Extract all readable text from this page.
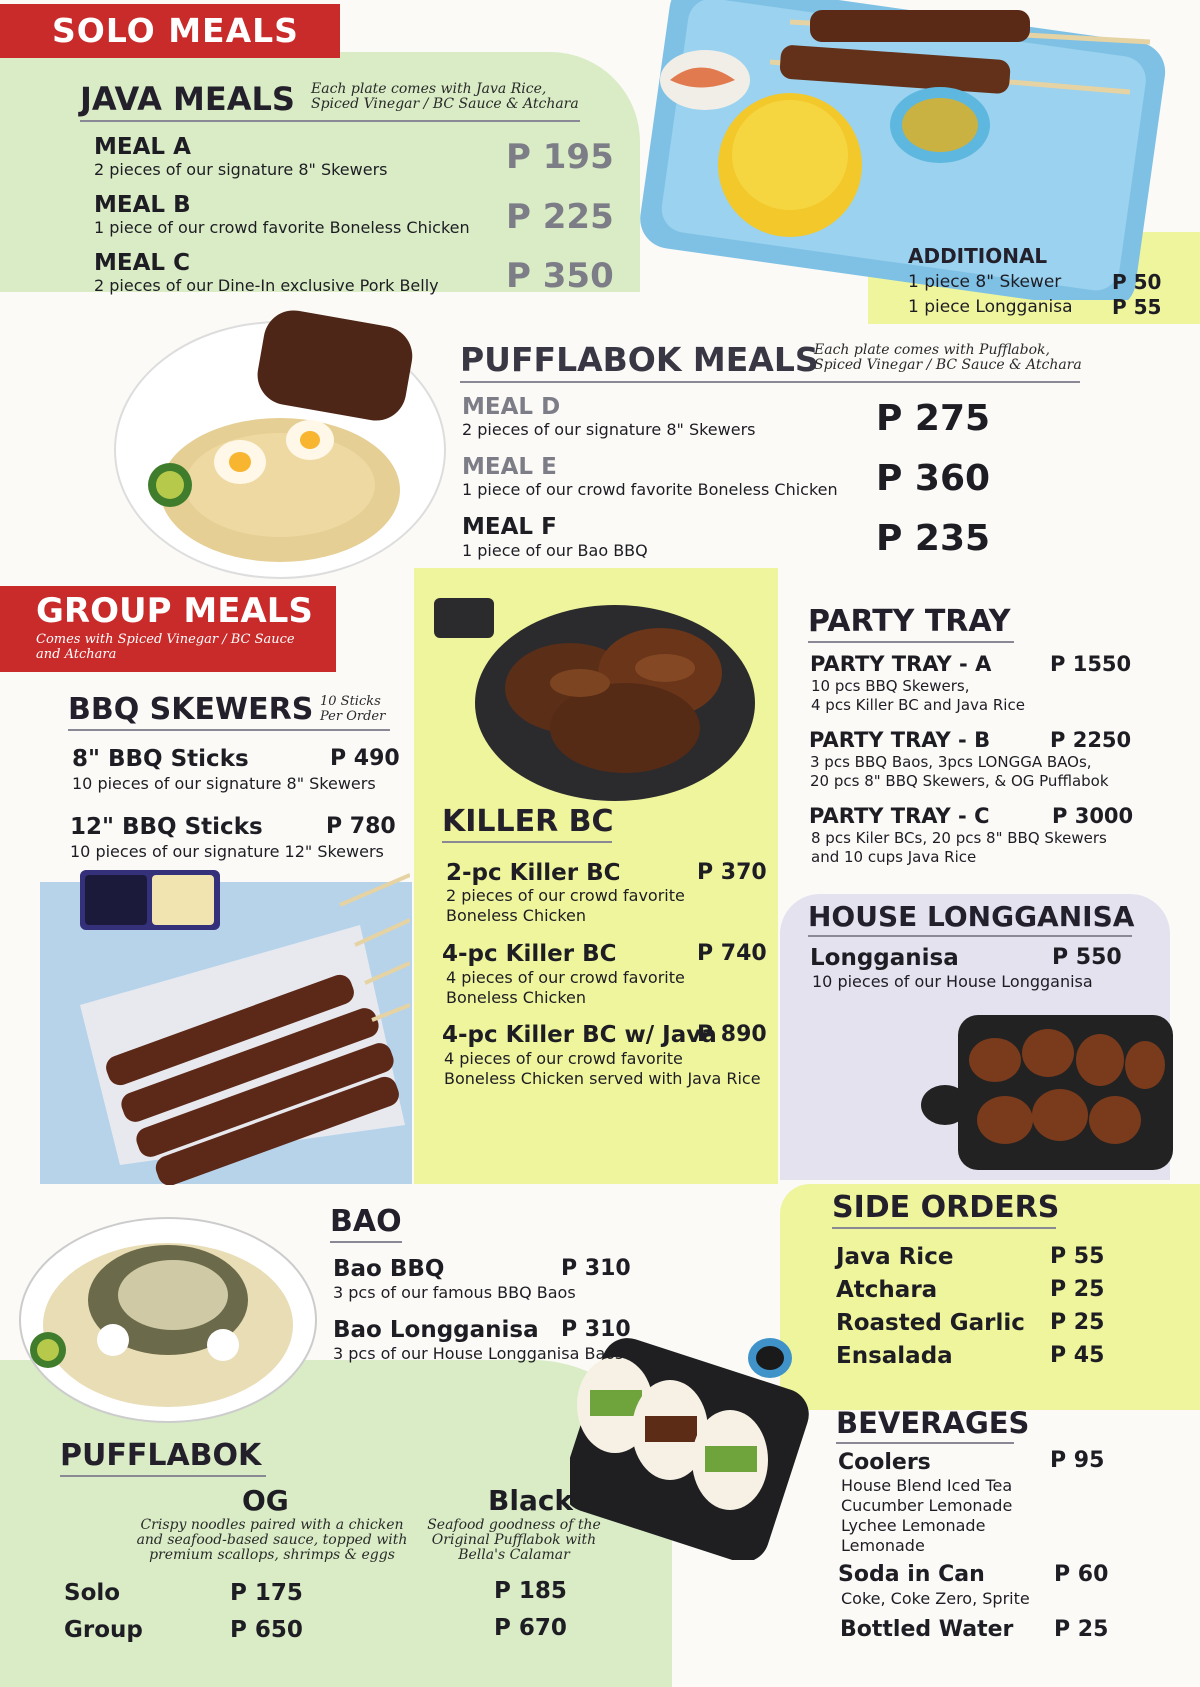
SOLO MEALS
JAVA MEALS	Each plate comes with Java Rice,
Spiced Vinegar / BC Sauce & Atchara
MEAL A
2 pieces of our signature 8" Skewers	P 195
MEAL B
1 piece of our crowd favorite Boneless Chicken P 225
MEAL C
2 pieces of our Dine-In exclusive Pork Belly P 350	ADDITIONAL
1 piece 8" Skewer	P 50
1 piece Longganisa P 55
PUFFLABOK MEALS
Each plate comes with Pufflabok,
Spiced Vinegar / BC Sauce & Atchara
MEAL D
2 pieces of our signature 8" Skewers	P 275
MEAL E
1 piece of our crowd favorite Boneless Chicken P 360
MEAL F
1 piece of our Bao BBQ	P 235
GROUP MEALS
Comes with Spiced Vinegar / BC Sauce
and Atchara
BBQ SKEWERS 10 Sticks
Per Order
8" BBQ Sticks	P 490
10 pieces of our signature 8" Skewers
12" BBQ Sticks	P 780
10 pieces of our signature 12" Skewers
KILLER BC
2-pc Killer BC	P 370
2 pieces of our crowd favorite
Boneless Chicken
4-pc Killer BC	P 740
4 pieces of our crowd favorite
Boneless Chicken
4-pc Killer BC w/ Java
P 890
4 pieces of our crowd favorite
Boneless Chicken served with Java Rice
PARTY TRAY
PARTY TRAY - A	P 1550
10 pcs BBQ Skewers,
4 pcs Killer BC and Java Rice
PARTY TRAY - B	P 2250
3 pcs BBQ Baos, 3pcs LONGGA BAOs,
20 pcs 8" BBQ Skewers, & OG Pufflabok
PARTY TRAY - C	P 3000
8 pcs Kiler BCs, 20 pcs 8" BBQ Skewers
and 10 cups Java Rice
HOUSE LONGGANISA
Longganisa	P 550
10 pieces of our House Longganisa
BAO
Bao BBQ	P 310
3 pcs of our famous BBQ Baos
Bao Longganisa P 310
3 pcs of our House Longganisa Baos
SIDE ORDERS
Java Rice	P 55
Atchara	P 25
Roasted Garlic P 25
Ensalada	P 45
BEVERAGES
Coolers	P 95
House Blend Iced Tea
Cucumber Lemonade
Lychee Lemonade
Lemonade
Soda in Can	P 60
Coke, Coke Zero, Sprite
Bottled Water P 25
PUFFLABOK
OG
Crispy noodles paired with a chicken
and seafood-based sauce, topped with
premium scallops, shrimps & eggs
Black
Seafood goodness of the
Original Pufflabok with
Bella's Calamar
Solo	P 175	P 185
Group	P 650	P 670
